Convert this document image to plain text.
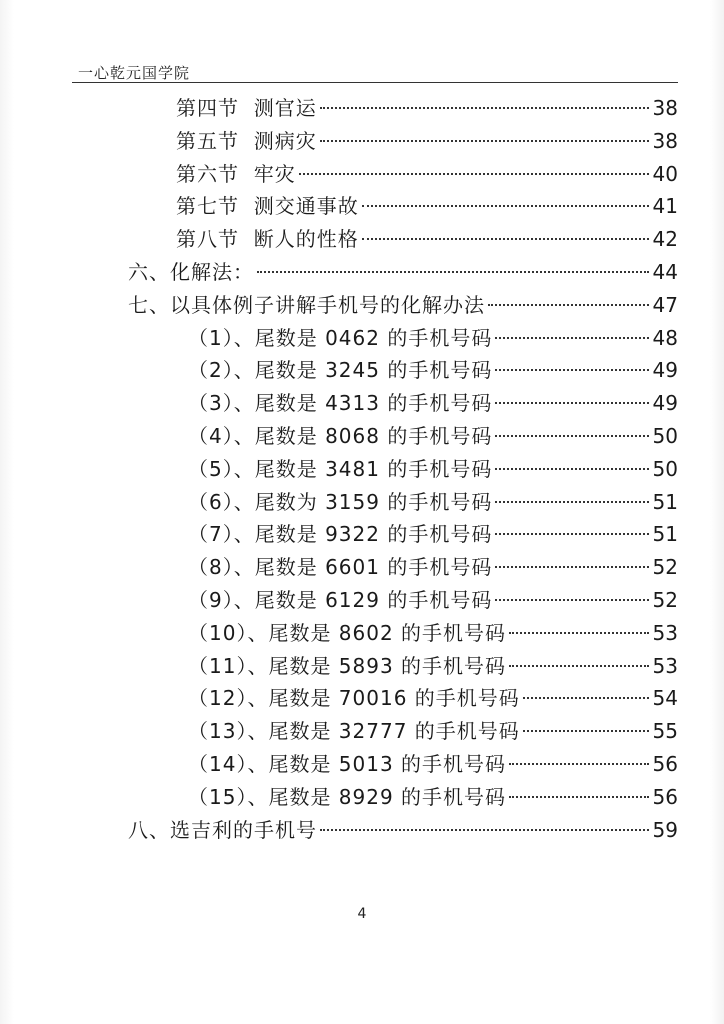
一心乾元国学院
第四节  测官运	38
第五节  测病灾	38
第六节  牢灾	40
第七节  测交通事故	41
第八节  断人的性格	42
六、化解法：	44
七、以具体例子讲解手机号的化解办法	47
（1）、尾数是 0462 的手机号码	48
（2）、尾数是 3245 的手机号码	49
（3）、尾数是 4313 的手机号码	49
（4）、尾数是 8068 的手机号码	50
（5）、尾数是 3481 的手机号码	50
（6）、尾数为 3159 的手机号码	51
（7）、尾数是 9322 的手机号码	51
（8）、尾数是 6601 的手机号码	52
（9）、尾数是 6129 的手机号码	52
（10）、尾数是 8602 的手机号码	53
（11）、尾数是 5893 的手机号码	53
（12）、尾数是 70016 的手机号码	54
（13）、尾数是 32777 的手机号码	55
（14）、尾数是 5013 的手机号码	56
（15）、尾数是 8929 的手机号码	56
八、选吉利的手机号	59
4
